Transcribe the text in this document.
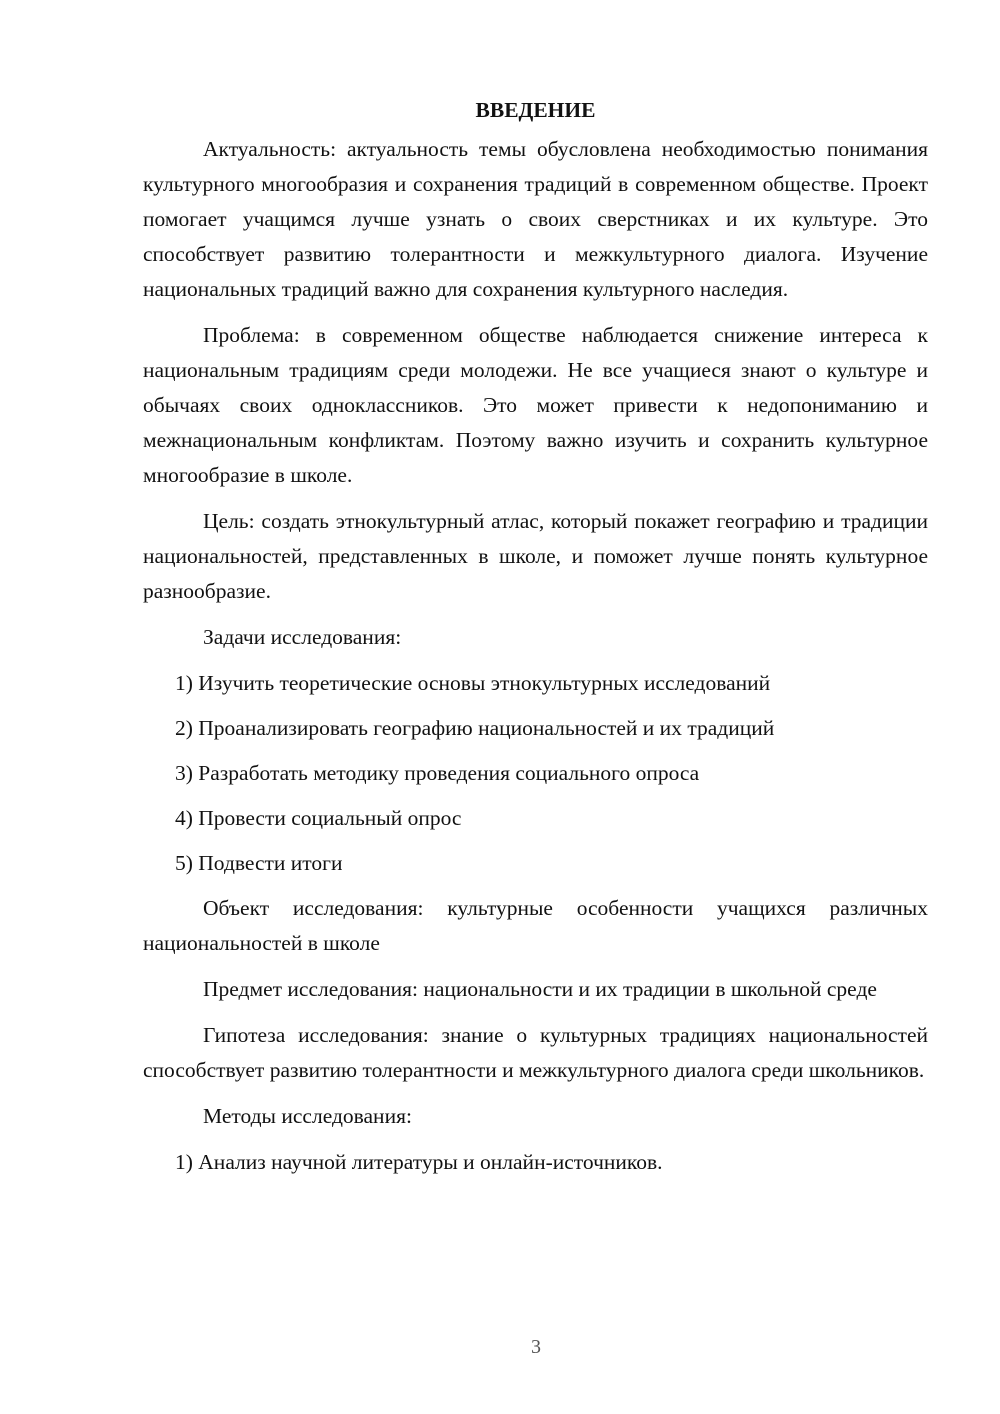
ВВЕДЕНИЕ

Актуальность: актуальность темы обусловлена необходимостью понимания культурного многообразия и сохранения традиций в современном обществе. Проект помогает учащимся лучше узнать о своих сверстниках и их культуре. Это способствует развитию толерантности и межкультурного диалога. Изучение национальных традиций важно для сохранения культурного наследия.

Проблема: в современном обществе наблюдается снижение интереса к национальным традициям среди молодежи. Не все учащиеся знают о культуре и обычаях своих одноклассников. Это может привести к недопониманию и межнациональным конфликтам. Поэтому важно изучить и сохранить культурное многообразие в школе.

Цель: создать этнокультурный атлас, который покажет географию и традиции национальностей, представленных в школе, и поможет лучше понять культурное разнообразие.

Задачи исследования:

1) Изучить теоретические основы этнокультурных исследований
2) Проанализировать географию национальностей и их традиций
3) Разработать методику проведения социального опроса
4) Провести социальный опрос
5) Подвести итоги

Объект исследования: культурные особенности учащихся различных национальностей в школе

Предмет исследования: национальности и их традиции в школьной среде

Гипотеза исследования: знание о культурных традициях национальностей способствует развитию толерантности и межкультурного диалога среди школьников.

Методы исследования:

1) Анализ научной литературы и онлайн-источников.
3
